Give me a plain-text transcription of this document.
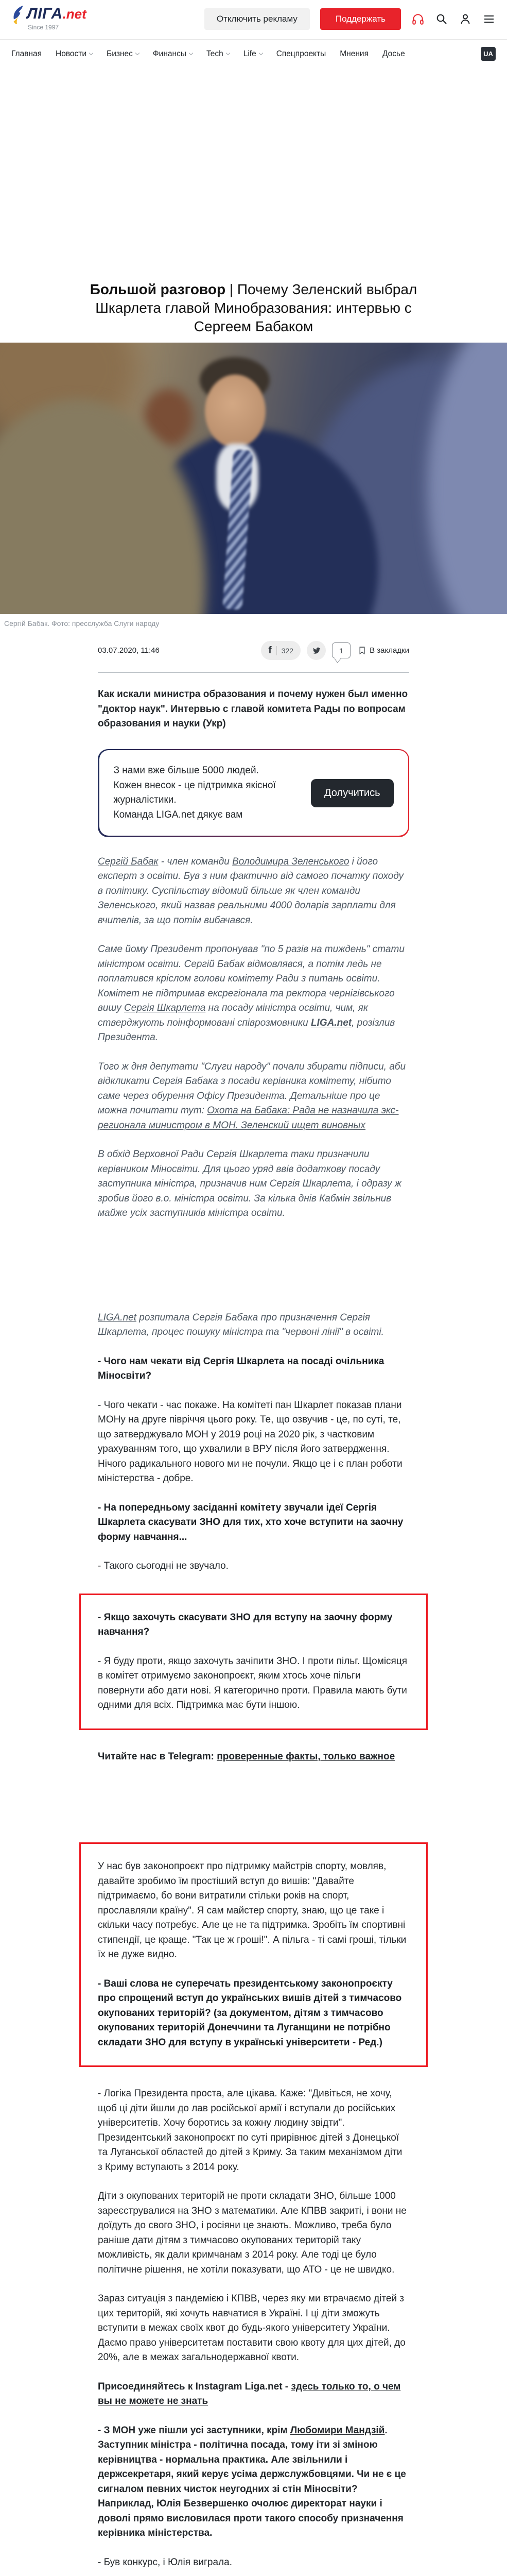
ЛІГА.net
Since 1997
Отключить рекламу	Поддержать
Главная Новости	Бизнес	Финансы	Tech	Life	Спецпроекты Мнения Досье	UA
Большой разговор | Почему Зеленский выбрал Шкарлета главой Минобразования: интервью с Сергеем Бабаком
Сергій Бабак. Фото: пресслужба Слуги народу
03.07.2020, 11:46	f 322	1	В закладки

Как искали министра образования и почему нужен был именно "доктор наук". Интервью с главой комитета Рады по вопросам образования и науки (Укр)

З нами вже більше 5000 людей.
Кожен внесок - це підтримка якісної журналістики.
Команда LIGA.net дякує вам
Долучитись

Сергій Бабак - член команди Володимира Зеленського і його експерт з освіти. Був з ним фактично від самого початку походу в політику. Суспільству відомий більше як член команди Зеленського, який назвав реальними 4000 доларів зарплати для вчителів, за що потім вибачався.

Саме йому Президент пропонував "по 5 разів на тиждень" стати міністром освіти. Сергій Бабак відмовлявся, а потім ледь не поплатився кріслом голови комітету Ради з питань освіти. Комітет не підтримав ексрегіонала та ректора чернігівського вишу Сергія Шкарлета на посаду міністра освіти, чим, як стверджують поінформовані співрозмовники LIGA.net, розізлив Президента.

Того ж дня депутати "Слуги народу" почали збирати підписи, аби відкликати Сергія Бабака з посади керівника комітету, нібито саме через обурення Офісу Президента. Детальніше про це можна почитати тут: Охота на Бабака: Рада не назначила экс-регионала министром в МОН. Зеленский ищет виновных

В обхід Верховної Ради Сергія Шкарлета таки призначили керівником Міносвіти. Для цього уряд ввів додаткову посаду заступника міністра, призначив ним Сергія Шкарлета, і одразу ж зробив його в.о. міністра освіти. За кілька днів Кабмін звільнив майже усіх заступників міністра освіти.

LIGA.net розпитала Сергія Бабака про призначення Сергія Шкарлета, процес пошуку міністра та "червоні лінії" в освіті.

- Чого нам чекати від Сергія Шкарлета на посаді очільника Міносвіти?

- Чого чекати - час покаже. На комітеті пан Шкарлет показав плани МОНу на друге півріччя цього року. Те, що озвучив - це, по суті, те, що затверджувало МОН у 2019 році на 2020 рік, з частковим урахуванням того, що ухвалили в ВРУ після його затвердження. Нічого радикального нового ми не почули. Якщо це і є план роботи міністерства - добре.

- На попередньому засіданні комітету звучали ідеї Сергія Шкарлета скасувати ЗНО для тих, хто хоче вступити на заочну форму навчання...

- Такого сьогодні не звучало.

- Якщо захочуть скасувати ЗНО для вступу на заочну форму навчання?

- Я буду проти, якщо захочуть зачіпити ЗНО. І проти пільг. Щомісяця в комітет отримуємо законопроєкт, яким хтось хоче пільги повернути або дати нові. Я категорично проти. Правила мають бути одними для всіх. Підтримка має бути іншою.

Читайте нас в Telegram: проверенные факты, только важное

У нас був законопроєкт про підтримку майстрів спорту, мовляв, давайте зробимо їм простіший вступ до вишів: "Давайте підтримаємо, бо вони витратили стільки років на спорт, прославляли країну". Я сам майстер спорту, знаю, що це таке і скільки часу потребує. Але це не та підтримка. Зробіть їм спортивні стипендії, це краще. "Так це ж гроші!". А пільга - ті самі гроші, тільки їх не дуже видно.

- Ваші слова не суперечать президентському законопроєкту про спрощений вступ до українських вишів дітей з тимчасово окупованих територій? (за документом, дітям з тимчасово окупованих територій Донеччини та Луганщини не потрібно складати ЗНО для вступу в українські університети - Ред.)

- Логіка Президента проста, але цікава. Каже: "Дивіться, не хочу, щоб ці діти йшли до лав російської армії і вступали до російських університетів. Хочу боротись за кожну людину звідти". Президентський законопроєкт по суті прирівнює дітей з Донецької та Луганської областей до дітей з Криму. За таким механізмом діти з Криму вступають з 2014 року.

Діти з окупованих територій не проти складати ЗНО, більше 1000 зареєструвалися на ЗНО з математики. Але КПВВ закриті, і вони не доїдуть до свого ЗНО, і росіяни це знають. Можливо, треба було раніше дати дітям з тимчасово окупованих територій таку можливість, як дали кримчанам з 2014 року. Але тоді це було політичне рішення, не хотіли показувати, що АТО - це не швидко.

Зараз ситуація з пандемією і КПВВ, через яку ми втрачаємо дітей з цих територій, які хочуть навчатися в Україні. І ці діти зможуть вступити в межах своїх квот до будь-якого університету України. Даємо право університетам поставити свою квоту для цих дітей, до 20%, але в межах загальнодержавної квоти.

Присоединяйтесь к Instagram Liga.net - здесь только то, о чем вы не можете не знать

- З МОН уже пішли усі заступники, крім Любомири Мандзій. Заступник міністра - політична посада, тому іти зі зміною керівництва - нормальна практика. Але звільнили і держсекретаря, який керує усіма держслужбовцями. Чи не є це сигналом певних чисток неугодних зі стін Міносвіти? Наприклад, Юлія Безвершенко очолює директорат науки і доволі прямо висловилася проти такого способу призначення керівника міністерства.

- Був конкурс, і Юлія виграла.
